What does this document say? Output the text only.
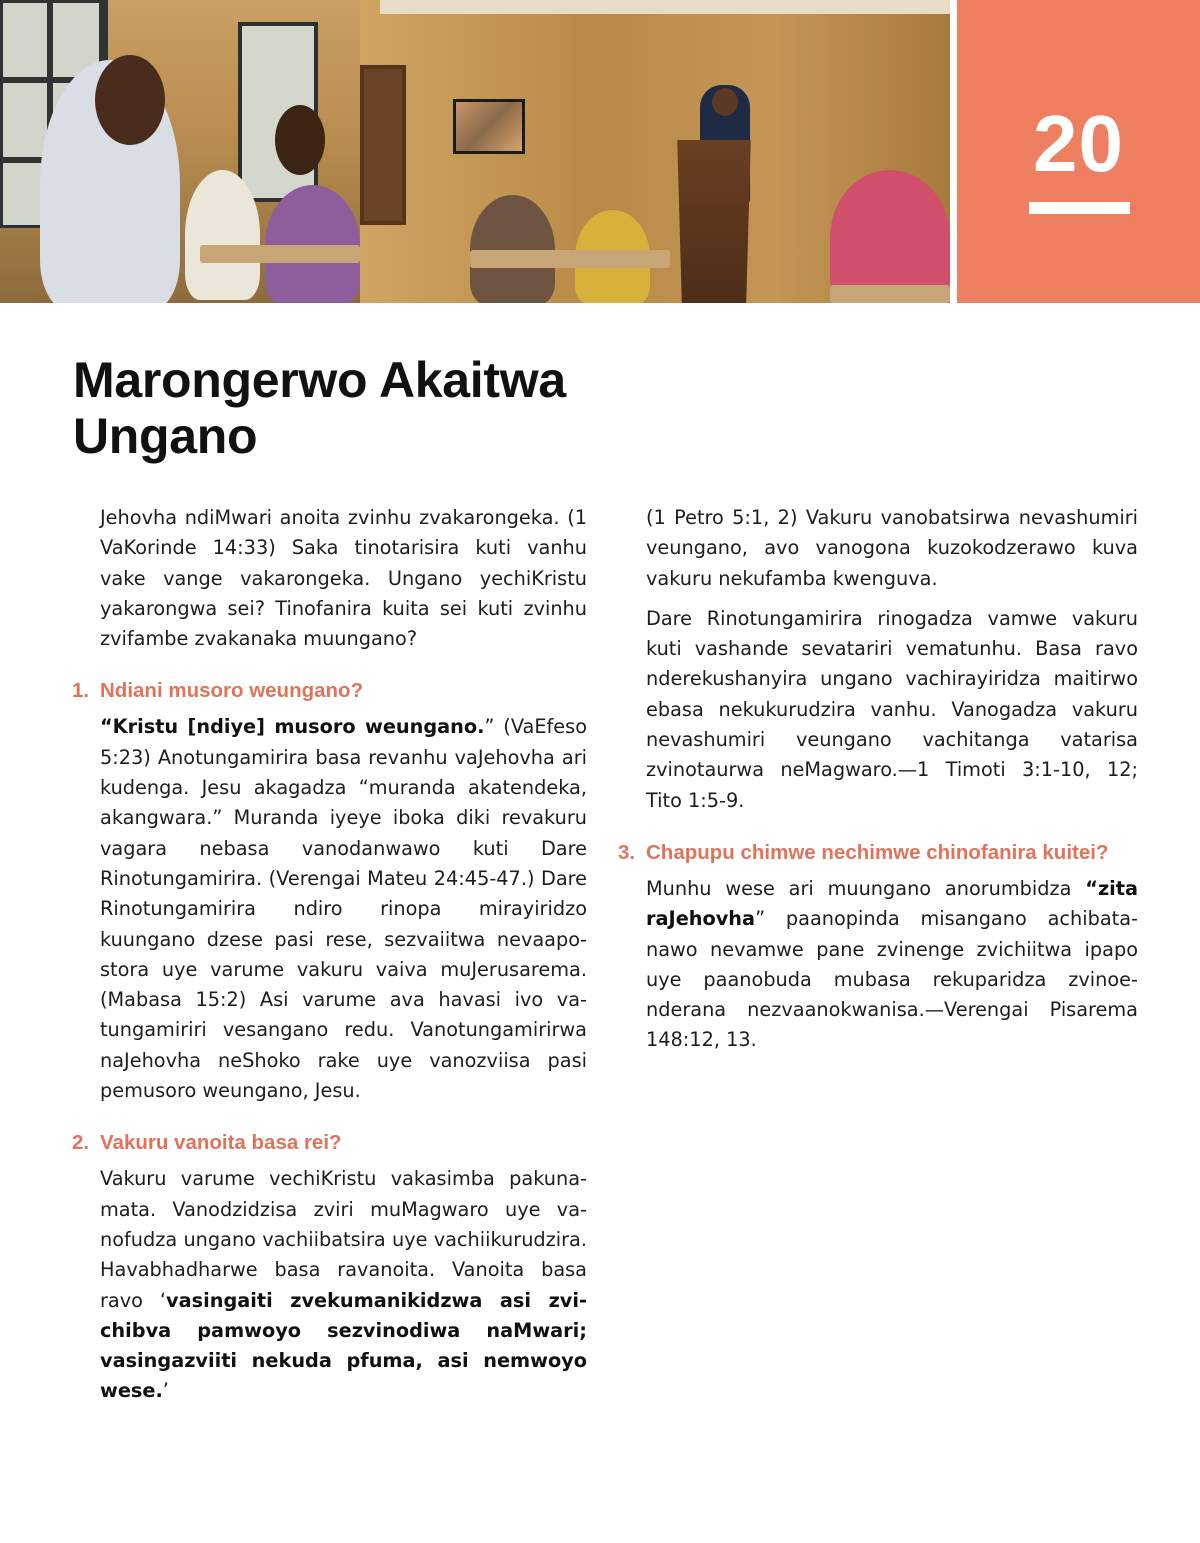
20
Marongerwo Akaitwa
Ungano

Jehovha ndiMwari anoita zvinhu zvakarongeka. (1 VaKorinde 14:33) Saka tinotarisira kuti vanhu vake vange vakarongeka. Ungano yechiKristu yakarongwa sei? Tinofanira kuita sei kuti zvinhu zvifambe zvakanaka muungano?

1. Ndiani musoro weungano?

“Kristu [ndiye] musoro weungano.” (VaEfeso 5:23) Anotungamirira basa revanhu vaJehovha ari kudenga. Jesu akagadza “muranda akatendeka, akangwara.” Muranda iyeye iboka diki revakuru vagara nebasa vanodanwawo kuti Dare Rinotungamirira. (Verengai Mateu 24:45-47.) Dare Rinotungamirira ndiro rinopa mirayiridzo kuungano dzese pasi rese, sezvaiitwa nevaapostora uye varume vakuru vaiva muJerusarema. (Mabasa 15:2) Asi varume ava havasi ivo vatungamiriri vesangano redu. Vanotungamirirwa naJehovha neShoko rake uye vanozviisa pasi pemusoro weungano, Jesu.

2. Vakuru vanoita basa rei?

Vakuru varume vechiKristu vakasimba pakunamata. Vanodzidzisa zviri muMagwaro uye vanofudza ungano vachiibatsira uye vachiikurudzira. Havabhadharwe basa ravanoita. Vanoita basa ravo ‘vasingaiti zvekumanikidzwa asi zvichibva pamwoyo sezvinodiwa naMwari; vasingazviiti nekuda pfuma, asi nemwoyo wese.’

(1 Petro 5:1, 2) Vakuru vanobatsirwa nevashumiri veungano, avo vanogona kuzokodzerawo kuva vakuru nekufamba kwenguva.

Dare Rinotungamirira rinogadza vamwe vakuru kuti vashande sevatariri vematunhu. Basa ravo nderekushanyira ungano vachirayiridza maitirwo ebasa nekukurudzira vanhu. Vanogadza vakuru nevashumiri veungano vachitanga vatarisa zvinotaurwa neMagwaro.—1 Timoti 3:1-10, 12; Tito 1:5-9.

3. Chapupu chimwe nechimwe chinofanira kuitei?

Munhu wese ari muungano anorumbidza “zita raJehovha” paanopinda misangano achibatanawo nevamwe pane zvinenge zvichiitwa ipapo uye paanobuda mubasa rekuparidza zvinoenderana nezvaanokwanisa.—Verengai Pisarema 148:12, 13.
